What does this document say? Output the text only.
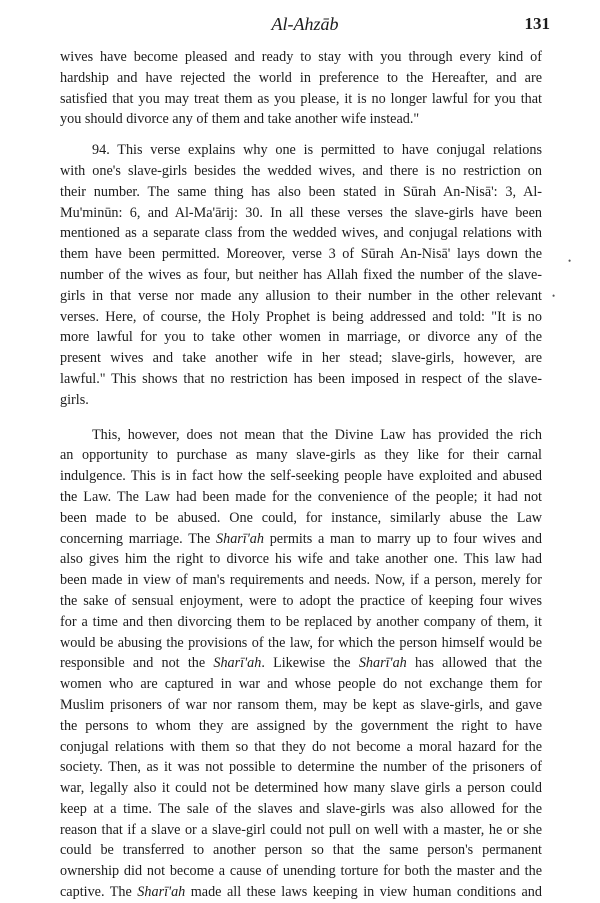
Al-Ahzāb	131
wives have become pleased and ready to stay with you through every kind of
hardship and have rejected the world in preference to the Hereafter, and are
satisfied that you may treat them as you please, it is no longer lawful for you that
you should divorce any of them and take another wife instead."
94. This verse explains why one is permitted to have conjugal relations
with one's slave-girls besides the wedded wives, and there is no restriction on
their number. The same thing has also been stated in Sūrah An-Nisā': 3, Al-
Mu'minūn: 6, and Al-Ma'ārij: 30. In all these verses the slave-girls have been
mentioned as a separate class from the wedded wives, and conjugal relations with
them have been permitted. Moreover, verse 3 of Sūrah An-Nisā' lays down the
number of the wives as four, but neither has Allah fixed the number of the slave-
girls in that verse nor made any allusion to their number in the other relevant
verses. Here, of course, the Holy Prophet is being addressed and told: "It is no
more lawful for you to take other women in marriage, or divorce any of the
present wives and take another wife in her stead; slave-girls, however, are
lawful." This shows that no restriction has been imposed in respect of the slave-
girls.
This, however, does not mean that the Divine Law has provided the rich
an opportunity to purchase as many slave-girls as they like for their carnal
indulgence. This is in fact how the self-seeking people have exploited and abused
the Law. The Law had been made for the convenience of the people; it had not
been made to be abused. One could, for instance, similarly abuse the Law
concerning marriage. The Sharī'ah permits a man to marry up to four wives and
also gives him the right to divorce his wife and take another one. This law had
been made in view of man's requirements and needs. Now, if a person, merely for
the sake of sensual enjoyment, were to adopt the practice of keeping four wives
for a time and then divorcing them to be replaced by another company of them, it
would be abusing the provisions of the law, for which the person himself would be
responsible and not the Sharī'ah. Likewise the Sharī'ah has allowed that the
women who are captured in war and whose people do not exchange them for
Muslim prisoners of war nor ransom them, may be kept as slave-girls, and gave
the persons to whom they are assigned by the government the right to have
conjugal relations with them so that they do not become a moral hazard for the
society. Then, as it was not possible to determine the number of the prisoners of
war, legally also it could not be determined how many slave girls a person could
keep at a time. The sale of the slaves and slave-girls was also allowed for the
reason that if a slave or a slave-girl could not pull on well with a master, he or she
could be transferred to another person so that the same person's permanent
ownership did not become a cause of unending torture for both the master and the
captive. The Sharī'ah made all these laws keeping in view human conditions and
•
•
